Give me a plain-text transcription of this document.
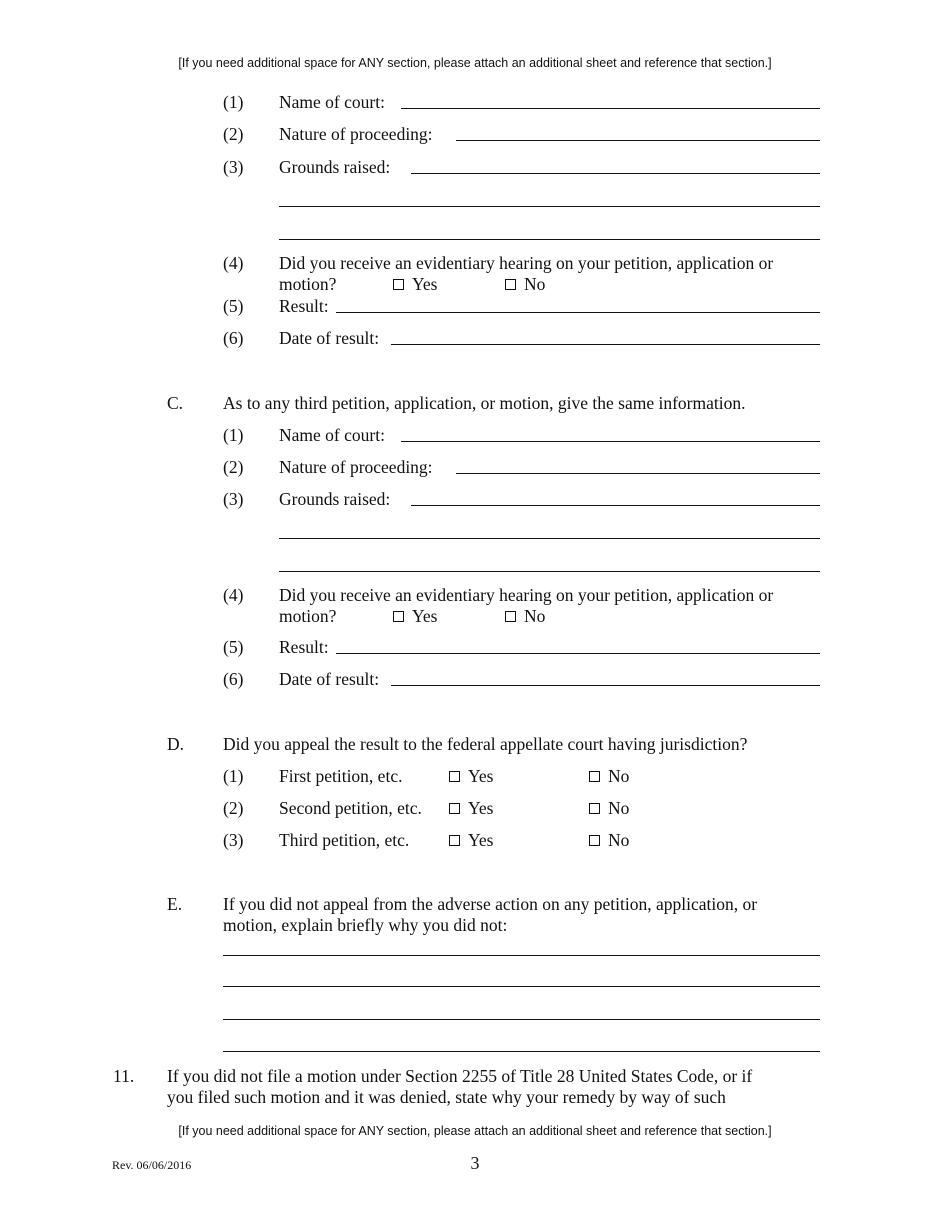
[If you need additional space for ANY section, please attach an additional sheet and reference that section.]
(1) Name of court:
(2) Nature of proceeding:
(3) Grounds raised:
(4) Did you receive an evidentiary hearing on your petition, application or
motion?	Yes	No
(5) Result:
(6) Date of result:
C. As to any third petition, application, or motion, give the same information.
(1) Name of court:
(2) Nature of proceeding:
(3) Grounds raised:
(4) Did you receive an evidentiary hearing on your petition, application or
motion?	Yes	No
(5) Result:
(6) Date of result:
D. Did you appeal the result to the federal appellate court having jurisdiction?
(1) First petition, etc.	Yes	No
(2) Second petition, etc.	Yes	No
(3) Third petition, etc.	Yes	No
E. If you did not appeal from the adverse action on any petition, application, or
motion, explain briefly why you did not:
11. If you did not file a motion under Section 2255 of Title 28 United States Code, or if
you filed such motion and it was denied, state why your remedy by way of such
[If you need additional space for ANY section, please attach an additional sheet and reference that section.]
Rev. 06/06/2016	3
